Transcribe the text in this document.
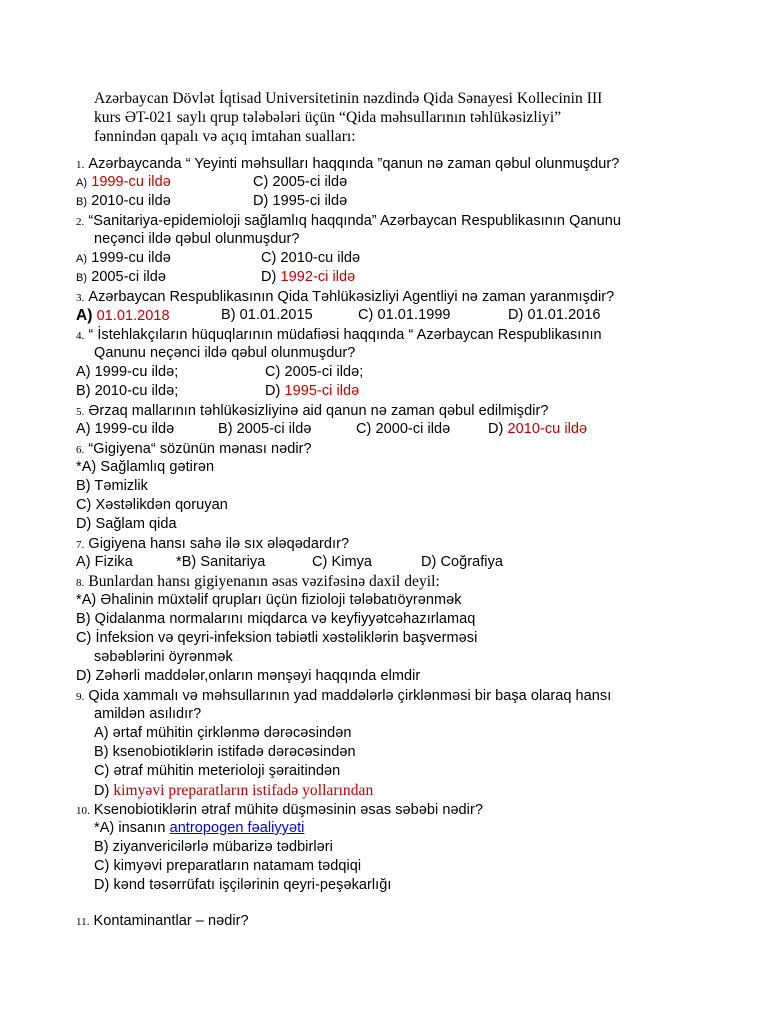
Azərbaycan Dövlət İqtisad Universitetinin nəzdində Qida Sənayesi Kollecinin III
kurs ƏT-021 saylı qrup tələbələri üçün “Qida məhsullarının təhlükəsizliyi”
fənnindən qapalı və açıq imtahan sualları:
1. Azərbaycanda “ Yeyinti məhsulları haqqında ”qanun nə zaman qəbul olunmuşdur?
A) 1999-cu ildə	C) 2005-ci ildə
B) 2010-cu ildə	D) 1995-ci ildə
2. “Sanitariya-epidemioloji sağlamlıq haqqında” Azərbaycan Respublikasının Qanunu
neçənci ildə qəbul olunmuşdur?
A) 1999-cu ildə	C) 2010-cu ildə
B) 2005-ci ildə	D) 1992-ci ildə
3. Azərbaycan Respublikasının Qida Təhlükəsizliyi Agentliyi nə zaman yaranmışdir?
A) 01.01.2018	B) 01.01.2015	C) 01.01.1999	D) 01.01.2016
4. “ İstehlakçıların hüquqlarının müdafiəsi haqqında “ Azərbaycan Respublikasının
Qanunu neçənci ildə qəbul olunmuşdur?
A) 1999-cu ildə;	C) 2005-ci ildə;
B) 2010-cu ildə;	D) 1995-ci ildə
5. Ərzaq mallarının təhlükəsizliyinə aid qanun nə zaman qəbul edilmişdir?
A) 1999-cu ildə	B) 2005-ci ildə	C) 2000-ci ildə	D) 2010-cu ildə
6. “Gigiyena“ sözünün mənası nədir?
*A) Sağlamlıq gətirən
B) Təmizlik
C) Xəstəlikdən qoruyan
D) Sağlam qida
7. Gigiyena hansı sahə ilə sıx ələqədardır?
A) Fizika	*B) Sanitariya	C) Kimya	D) Coğrafiya
8. Bunlardan hansı gigiyenanın əsas vəzifəsinə daxil deyil:
*A) Əhalinin müxtəlif qrupları üçün fizioloji tələbatıöyrənmək
B) Qidalanma normalarını miqdarca və keyfiyyətcəhazırlamaq
C) İnfeksion və qeyri-infeksion təbiətli xəstəliklərin başverməsi
səbəblərini öyrənmək
D) Zəhərli maddələr,onların mənşəyi haqqında elmdir
9. Qida xammalı və məhsullarının yad maddələrlə çirklənməsi bir başa olaraq hansı
amildən asılıdır?
A) ərtaf mühitin çirklənmə dərəcəsindən
B) ksenobiotiklərin istifadə dərəcəsindən
C) ətraf mühitin meterioloji şəraitindən
D) kimyəvi preparatların istifadə yollarından
10. Ksenobiotiklərin ətraf mühitə düşməsinin əsas səbəbi nədir?
*A) insanın antropogen fəaliyyəti
B) ziyanvericilərlə mübarizə tədbirləri
C) kimyəvi preparatların natamam tədqiqi
D) kənd təsərrüfatı işçilərinin qeyri-peşəkarlığı
11. Kontaminantlar – nədir?
